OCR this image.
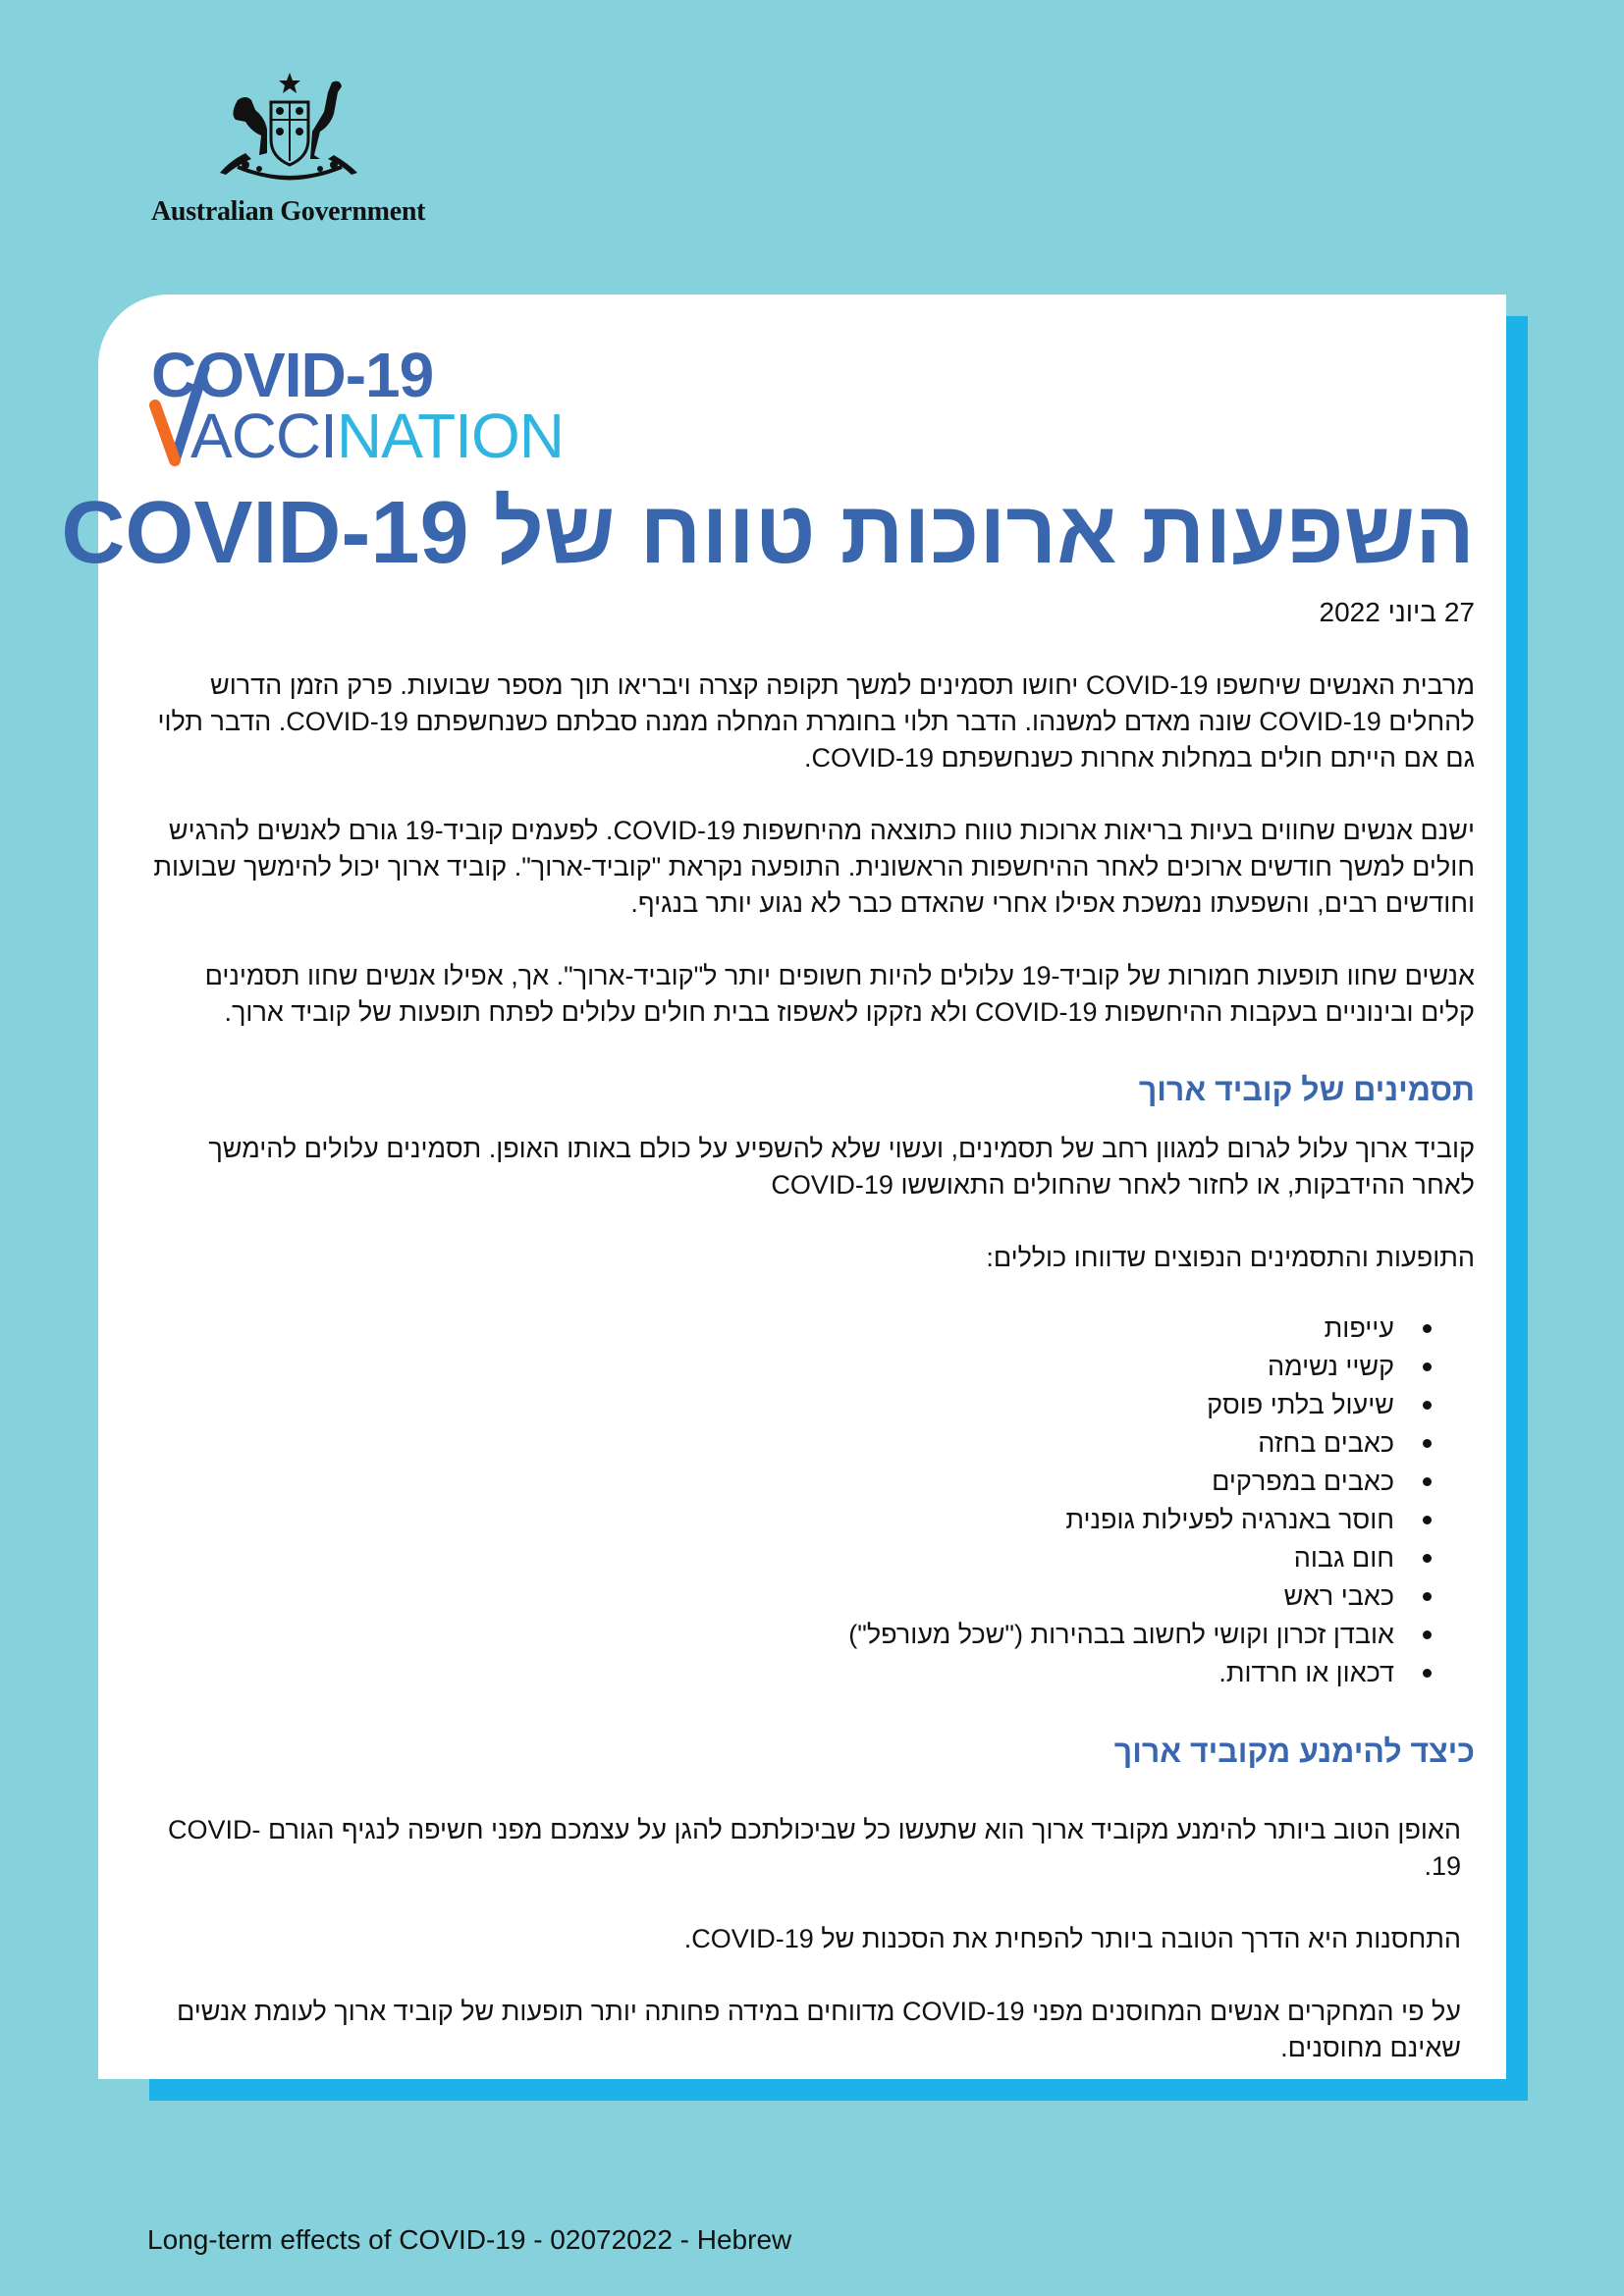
Australian Government
COVID-19
ACCINATION
השפעות ארוכות טווח של COVID-19
27 ביוני 2022

מרבית האנשים שיחשפו COVID-19 יחושו תסמינים למשך תקופה קצרה ויבריאו תוך מספר שבועות. פרק הזמן הדרוש להחלים COVID-19 שונה מאדם למשנהו. הדבר תלוי בחומרת המחלה ממנה סבלתם כשנחשפתם COVID-19. הדבר תלוי גם אם הייתם חולים במחלות אחרות כשנחשפתם COVID-19.

ישנם אנשים שחווים בעיות בריאות ארוכות טווח כתוצאה מהיחשפות COVID-19. לפעמים קוביד-19 גורם לאנשים להרגיש חולים למשך חודשים ארוכים לאחר ההיחשפות הראשונית. התופעה נקראת "קוביד-ארוך". קוביד ארוך יכול להימשך שבועות וחודשים רבים, והשפעתו נמשכת אפילו אחרי שהאדם כבר לא נגוע יותר בנגיף.

אנשים שחוו תופעות חמורות של קוביד-19 עלולים להיות חשופים יותר ל"קוביד-ארוך". אך, אפילו אנשים שחוו תסמינים קלים ובינוניים בעקבות ההיחשפות COVID-19 ולא נזקקו לאשפוז בבית חולים עלולים לפתח תופעות של קוביד ארוך.

תסמינים של קוביד ארוך

קוביד ארוך עלול לגרום למגוון רחב של תסמינים, ועשוי שלא להשפיע על כולם באותו האופן. תסמינים עלולים להימשך לאחר ההידבקות, או לחזור לאחר שהחולים התאוששו COVID-19

התופעות והתסמינים הנפוצים שדווחו כוללים:

עייפות
קשיי נשימה
שיעול בלתי פוסק
כאבים בחזה
כאבים במפרקים
חוסר באנרגיה לפעילות גופנית
חום גבוה
כאבי ראש
אובדן זכרון וקושי לחשוב בבהירות ("שכל מעורפל")
דכאון או חרדות.
כיצד להימנע מקוביד ארוך

האופן הטוב ביותר להימנע מקוביד ארוך הוא שתעשו כל שביכולתכם להגן על עצמכם מפני חשיפה לנגיף הגורם COVID-19.

התחסנות היא הדרך הטובה ביותר להפחית את הסכנות של COVID-19.

על פי המחקרים אנשים המחוסנים מפני COVID-19 מדווחים במידה פחותה יותר תופעות של קוביד ארוך לעומת אנשים שאינם מחוסנים.

Long-term effects of COVID-19 - 02072022 - Hebrew
